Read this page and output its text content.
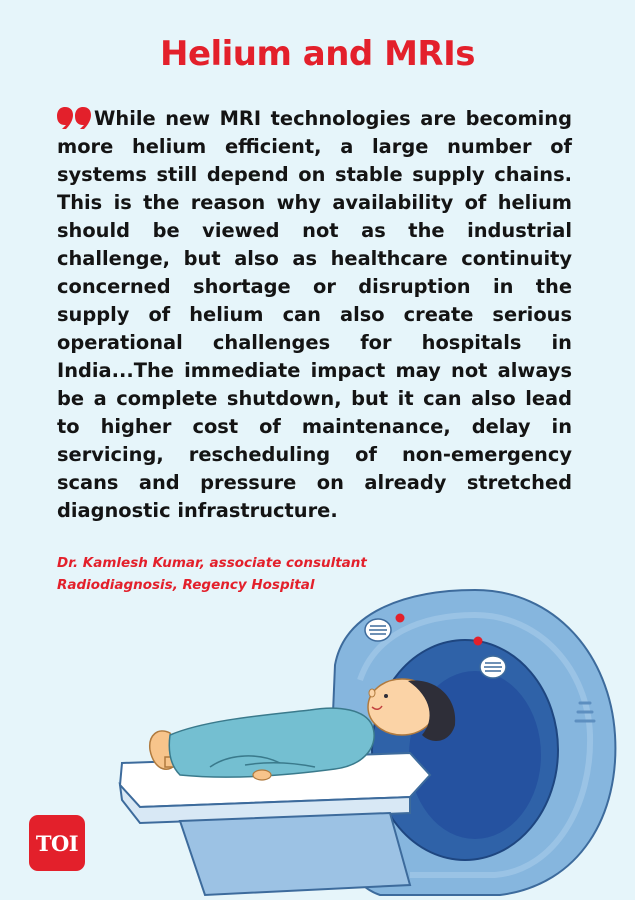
Helium and MRIs

While new MRI technologies are becoming more helium efficient, a large number of systems still depend on stable supply chains. This is the reason why availability of helium should be viewed not as the industrial challenge, but also as healthcare continuity concerned shortage or disruption in the supply of helium can also create serious operational challenges for hospitals in India...The immediate impact may not always be a complete shutdown, but it can also lead to higher cost of maintenance, delay in servicing, rescheduling of non-emergency scans and pressure on already stretched diagnostic infrastructure.

Dr. Kamlesh Kumar, associate consultant
Radiodiagnosis, Regency Hospital
TOI
